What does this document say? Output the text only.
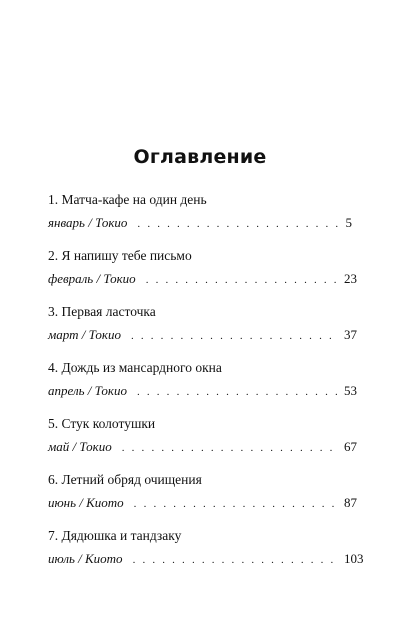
Оглавление
1. Матча-кафе на один день
январь / Токио . . .	5
2. Я напишу тебе письмо
февраль / Токио . . .	23
3. Первая ласточка
март / Токио . . .	37
4. Дождь из мансардного окна
апрель / Токио . . .	53
5. Стук колотушки
май / Токио . . .	67
6. Летний обряд очищения
июнь / Киото . . .	87
7. Дядюшка и тандзаку
июль / Киото . . .	103
